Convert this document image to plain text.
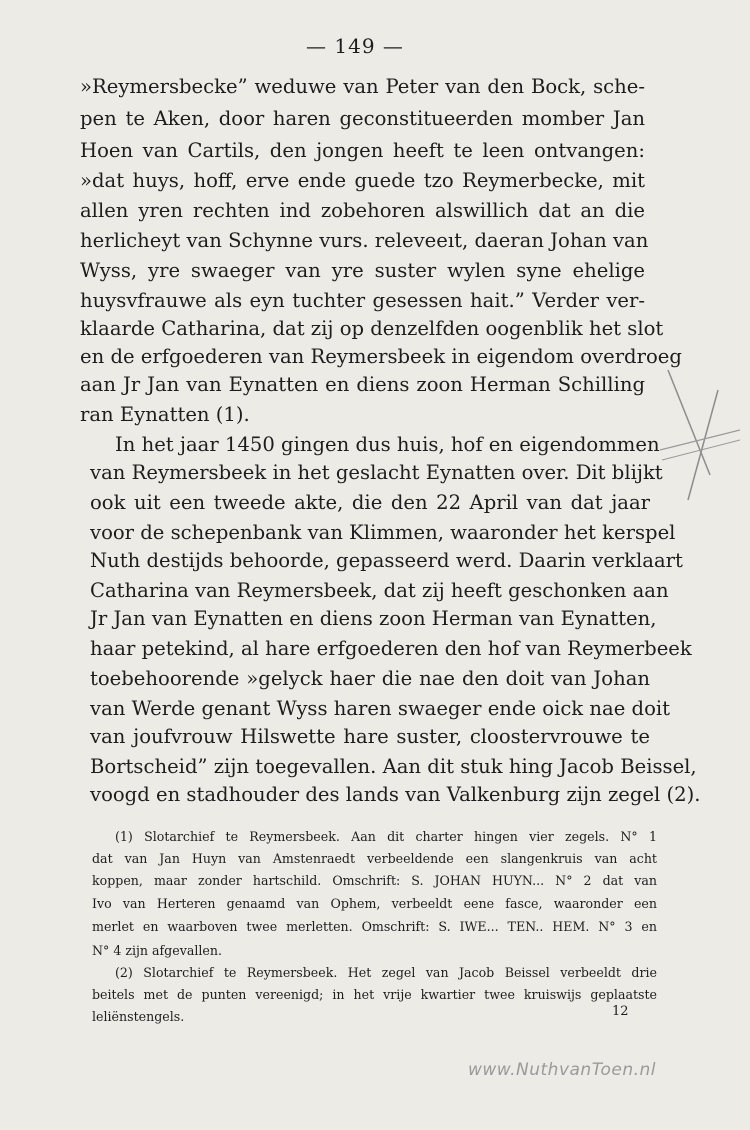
— 149 —
»Reymersbecke” weduwe van Peter van den Bock, sche-
pen te Aken, door haren geconstitueerden momber Jan
Hoen van Cartils, den jongen heeft te leen ontvangen:
»dat huys, hoff, erve ende guede tzo Reymerbecke, mit
allen yren rechten ind zobehoren alswillich dat an die
herlicheyt van Schynne vurs. releveeıt, daeran Johan van
Wyss, yre swaeger van yre suster wylen syne ehelige
huysvfrauwe als eyn tuchter gesessen hait.” Verder ver-
klaarde Catharina, dat zij op denzelfden oogenblik het slot
en de erfgoederen van Reymersbeek in eigendom overdroeg
aan Jr Jan van Eynatten en diens zoon Herman Schilling
ran Eynatten (1).
In het jaar 1450 gingen dus huis, hof en eigendommen
van Reymersbeek in het geslacht Eynatten over. Dit blijkt
ook uit een tweede akte, die den 22 April van dat jaar
voor de schepenbank van Klimmen, waaronder het kerspel
Nuth destijds behoorde, gepasseerd werd. Daarin verklaart
Catharina van Reymersbeek, dat zij heeft geschonken aan
Jr Jan van Eynatten en diens zoon Herman van Eynatten,
haar petekind, al hare erfgoederen den hof van Reymerbeek
toebehoorende »gelyck haer die nae den doit van Johan
van Werde genant Wyss haren swaeger ende oick nae doit
van joufvrouw Hilswette hare suster, cloostervrouwe te
Bortscheid” zijn toegevallen. Aan dit stuk hing Jacob Beissel,
voogd en stadhouder des lands van Valkenburg zijn zegel (2).
(1) Slotarchief te Reymersbeek. Aan dit charter hingen vier zegels. N° 1
dat van Jan Huyn van Amstenraedt verbeeldende een slangenkruis van acht
koppen, maar zonder hartschild. Omschrift: S. JOHAN HUYN... N° 2 dat van
Ivo van Herteren genaamd van Ophem, verbeeldt eene fasce, waaronder een
merlet en waarboven twee merletten. Omschrift: S. IWE... TEN.. HEM. N° 3 en
N° 4 zijn afgevallen.
(2) Slotarchief te Reymersbeek. Het zegel van Jacob Beissel verbeeldt drie
beitels met de punten vereenigd; in het vrije kwartier twee kruiswijs geplaatste
leliënstengels.	12
www.NuthvanToen.nl
